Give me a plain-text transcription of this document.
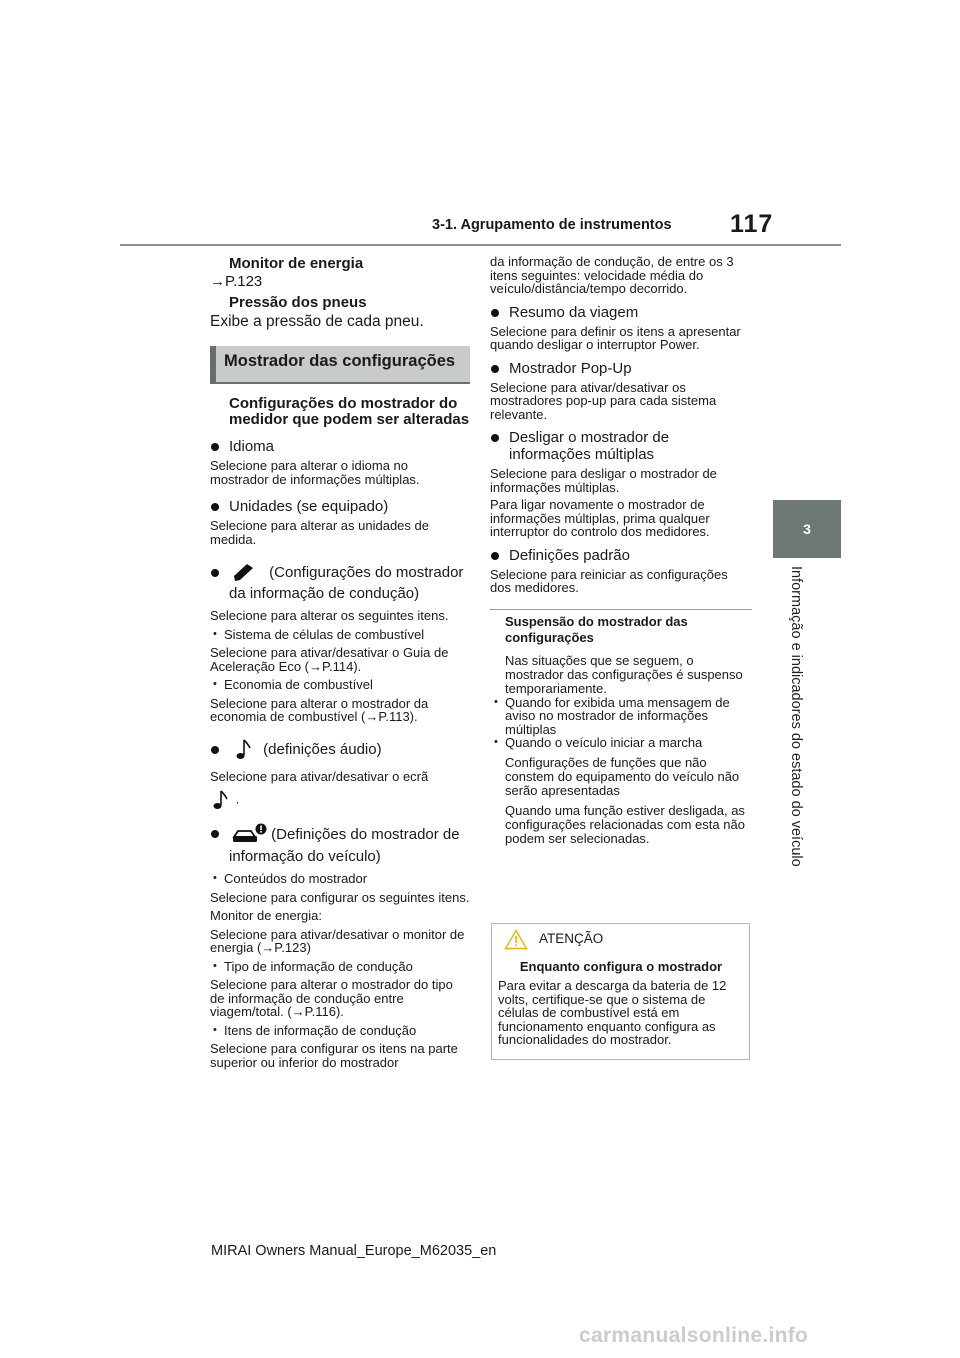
3-1. Agrupamento de instrumentos 117
3
Informação e indicadores do estado do veículo
Monitor de energia
→P.123
Pressão dos pneus
Exibe a pressão de cada pneu.
Mostrador das configurações
Configurações do mostrador do medidor que podem ser alteradas
Idioma
Selecione para alterar o idioma no mostrador de informações múltiplas.
Unidades (se equipado)
Selecione para alterar as unidades de medida.
(Configurações do mostrador da informação de condução)
Selecione para alterar os seguintes itens.
• Sistema de células de combustível
Selecione para ativar/desativar o Guia de Aceleração Eco (→P.114).
• Economia de combustível
Selecione para alterar o mostrador da economia de combustível (→P.113).
(definições áudio)
Selecione para ativar/desativar o ecrã
.
(Definições do mostrador de informação do veículo)
• Conteúdos do mostrador
Selecione para configurar os seguintes itens.
Monitor de energia:
Selecione para ativar/desativar o monitor de energia (→P.123)
• Tipo de informação de condução
Selecione para alterar o mostrador do tipo de informação de condução entre viagem/total. (→P.116).
• Itens de informação de condução
Selecione para configurar os itens na parte superior ou inferior do mostrador
da informação de condução, de entre os 3 itens seguintes: velocidade média do veículo/distância/tempo decorrido.
Resumo da viagem
Selecione para definir os itens a apresentar quando desligar o interruptor Power.
Mostrador Pop-Up
Selecione para ativar/desativar os mostradores pop-up para cada sistema relevante.
Desligar o mostrador de informações múltiplas
Selecione para desligar o mostrador de informações múltiplas.
Para ligar novamente o mostrador de informações múltiplas, prima qualquer interruptor do controlo dos medidores.
Definições padrão
Selecione para reiniciar as configurações dos medidores.
Suspensão do mostrador das configurações

Nas situações que se seguem, o mostrador das configurações é suspenso temporariamente.

• Quando for exibida uma mensagem de aviso no mostrador de informações múltiplas
• Quando o veículo iniciar a marcha

Configurações de funções que não constem do equipamento do veículo não serão apresentadas

Quando uma função estiver desligada, as configurações relacionadas com esta não podem ser selecionadas.

ATENÇÃO
Enquanto configura o mostrador
Para evitar a descarga da bateria de 12 volts, certifique-se que o sistema de células de combustível está em funcionamento enquanto configura as funcionalidades do mostrador.
MIRAI Owners Manual_Europe_M62035_en
carmanualsonline.info
